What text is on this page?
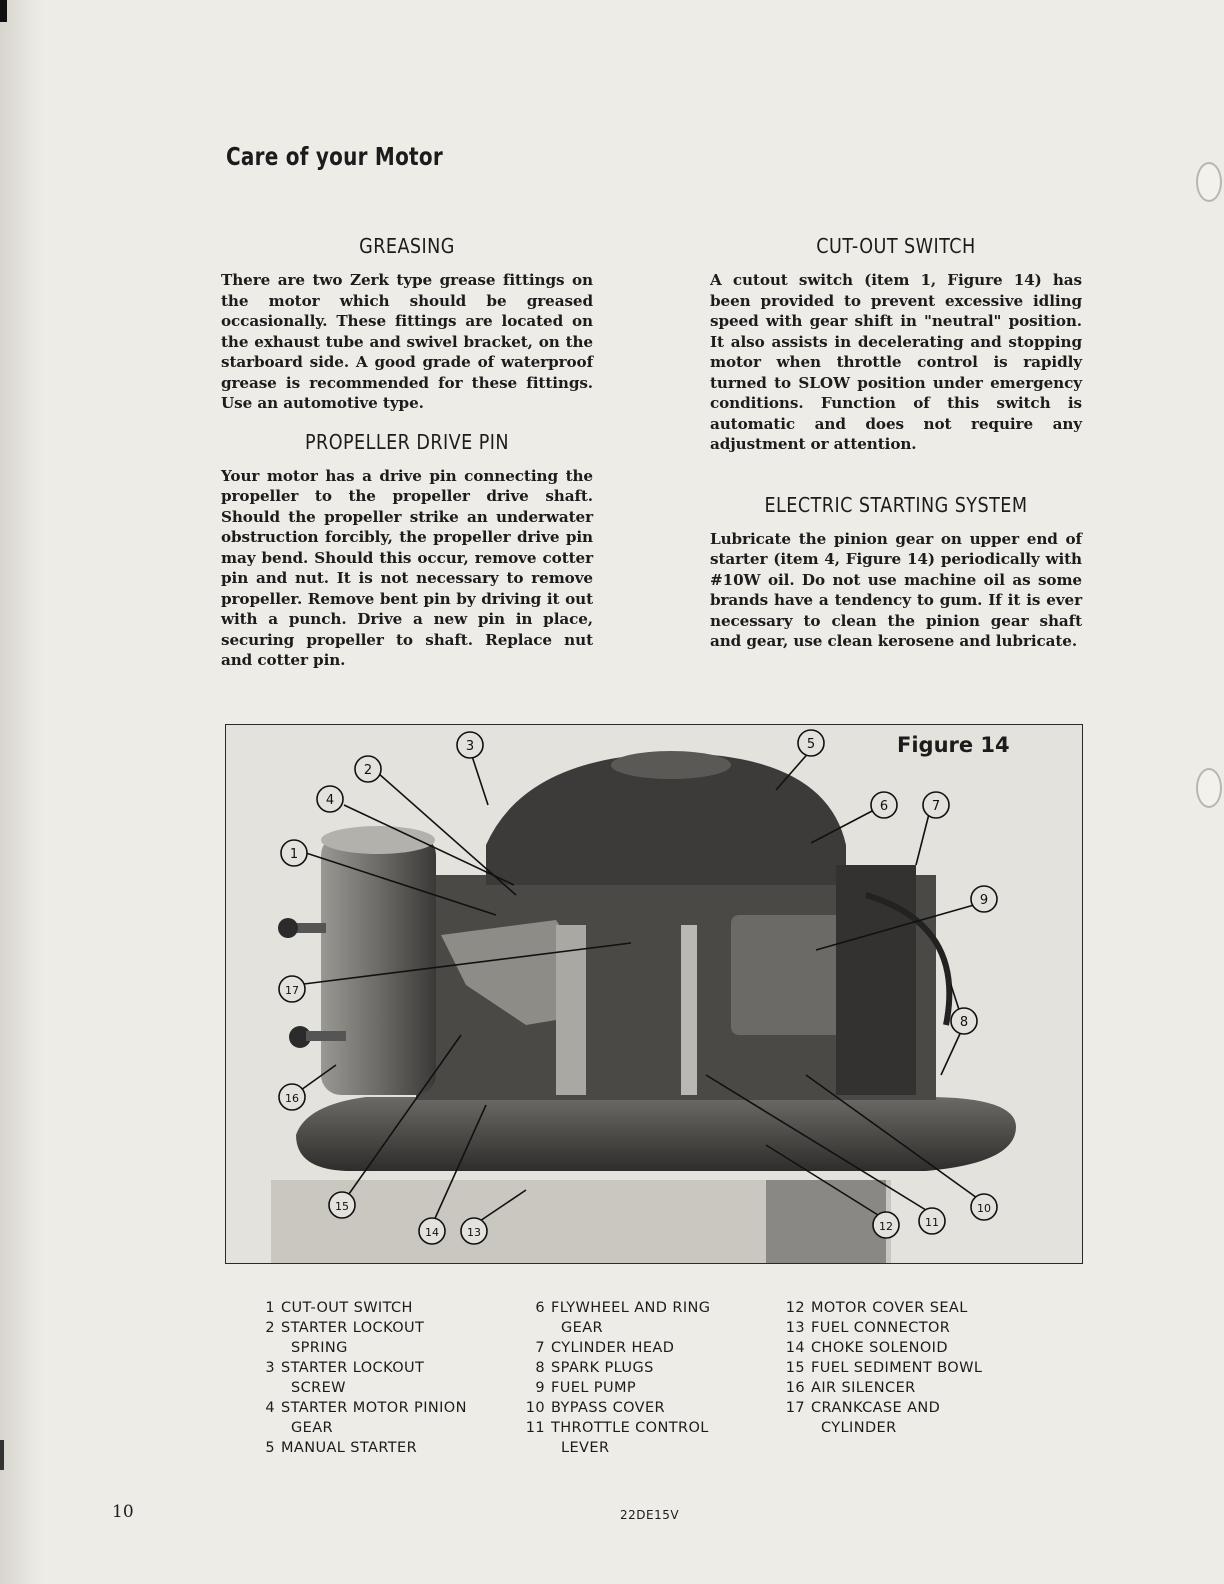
Care of your Motor
GREASING

There are two Zerk type grease fittings on the motor which should be greased occasionally. These fittings are located on the exhaust tube and swivel bracket, on the starboard side. A good grade of waterproof grease is recommended for these fittings. Use an automotive type.

PROPELLER DRIVE PIN

Your motor has a drive pin connecting the propeller to the propeller drive shaft. Should the propeller strike an underwater obstruction forcibly, the propeller drive pin may bend. Should this occur, remove cotter pin and nut. It is not necessary to remove propeller. Remove bent pin by driving it out with a punch. Drive a new pin in place, securing propeller to shaft. Replace nut and cotter pin.

CUT-OUT SWITCH

A cutout switch (item 1, Figure 14) has been provided to prevent excessive idling speed with gear shift in "neutral" position. It also assists in decelerating and stopping motor when throttle control is rapidly turned to SLOW position under emergency conditions. Function of this switch is automatic and does not require any adjustment or attention.

ELECTRIC STARTING SYSTEM

Lubricate the pinion gear on upper end of starter (item 4, Figure 14) periodically with #10W oil. Do not use machine oil as some brands have a tendency to gum. If it is ever necessary to clean the pinion gear shaft and gear, use clean kerosene and lubricate.

1
2
3
4
5
6	7
8
9
10
11
12
13
14
15
16
17
Figure 14
1 CUT-OUT SWITCH
2 STARTER LOCKOUT
SPRING
3 STARTER LOCKOUT
SCREW
4 STARTER MOTOR PINION
GEAR
5 MANUAL STARTER
6 FLYWHEEL AND RING
GEAR
7 CYLINDER HEAD
8 SPARK PLUGS
9 FUEL PUMP
10 BYPASS COVER
11 THROTTLE CONTROL
LEVER
12 MOTOR COVER SEAL
13 FUEL CONNECTOR
14 CHOKE SOLENOID
15 FUEL SEDIMENT BOWL
16 AIR SILENCER
17 CRANKCASE AND
CYLINDER
10	22DE15V
